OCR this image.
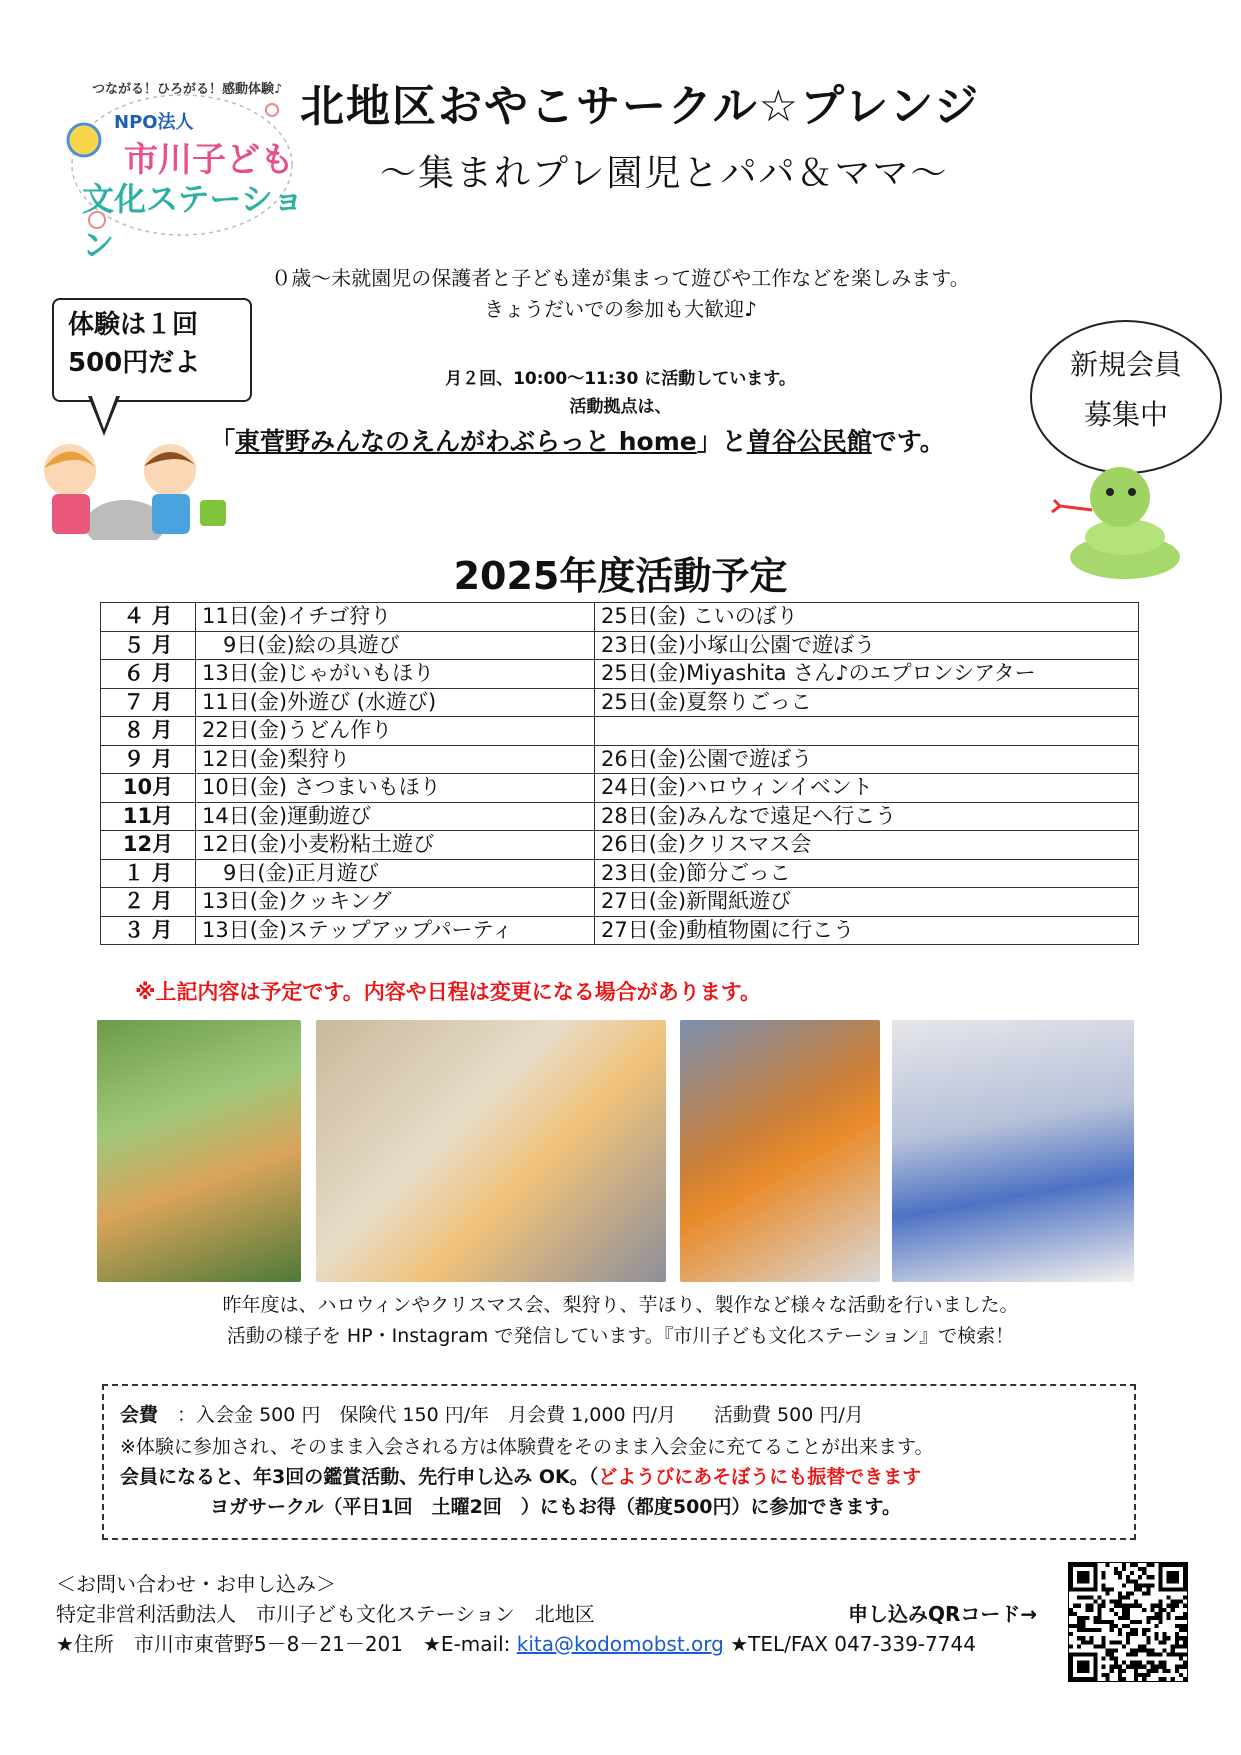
つながる！ひろがる！感動体験♪
NPO法人
市川子ども
文化ステーション
北地区おやこサークル☆プレンジ
～集まれプレ園児とパパ＆ママ～
０歳～未就園児の保護者と子ども達が集まって遊びや工作などを楽しみます。
きょうだいでの参加も大歓迎♪
体験は１回
500円だよ	新規会員
募集中
月２回、10:00～11:30 に活動しています。
活動拠点は、
「東菅野みんなのえんがわぶらっと home」と曽谷公民館です。
2025年度活動予定
４ 月	11日(金)イチゴ狩り	25日(金) こいのぼり
５ 月	　9日(金)絵の具遊び	23日(金)小塚山公園で遊ぼう
６ 月	13日(金)じゃがいもほり	25日(金)Miyashita さん♪のエプロンシアター
７ 月	11日(金)外遊び (水遊び)	25日(金)夏祭りごっこ
８ 月	22日(金)うどん作り	
９ 月	12日(金)梨狩り	26日(金)公園で遊ぼう
10月	10日(金) さつまいもほり	24日(金)ハロウィンイベント
11月	14日(金)運動遊び	28日(金)みんなで遠足へ行こう
12月	12日(金)小麦粉粘土遊び	26日(金)クリスマス会
１ 月	　9日(金)正月遊び	23日(金)節分ごっこ
２ 月	13日(金)クッキング	27日(金)新聞紙遊び
３ 月	13日(金)ステップアップパーティ	27日(金)動植物園に行こう
※上記内容は予定です。内容や日程は変更になる場合があります。
昨年度は、ハロウィンやクリスマス会、梨狩り、芋ほり、製作など様々な活動を行いました。
活動の様子を HP・Instagram で発信しています。『市川子ども文化ステーション』で検索！
会費　 ：入会金 500 円　保険代 150 円/年　月会費 1,000 円/月　　活動費 500 円/月
※体験に参加され、そのまま入会される方は体験費をそのまま入会金に充てることが出来ます。
会員になると、年3回の鑑賞活動、先行申し込み OK。（どようびにあそぼうにも振替できます
ヨガサークル（平日1回　土曜2回　）にもお得（都度500円）に参加できます。
＜お問い合わせ・お申し込み＞
特定非営利活動法人　市川子ども文化ステーション　北地区	申し込みQRコード→
★住所　市川市東菅野5－8－21－201　★E-mail: kita@kodomobst.org ★TEL/FAX 047-339-7744
